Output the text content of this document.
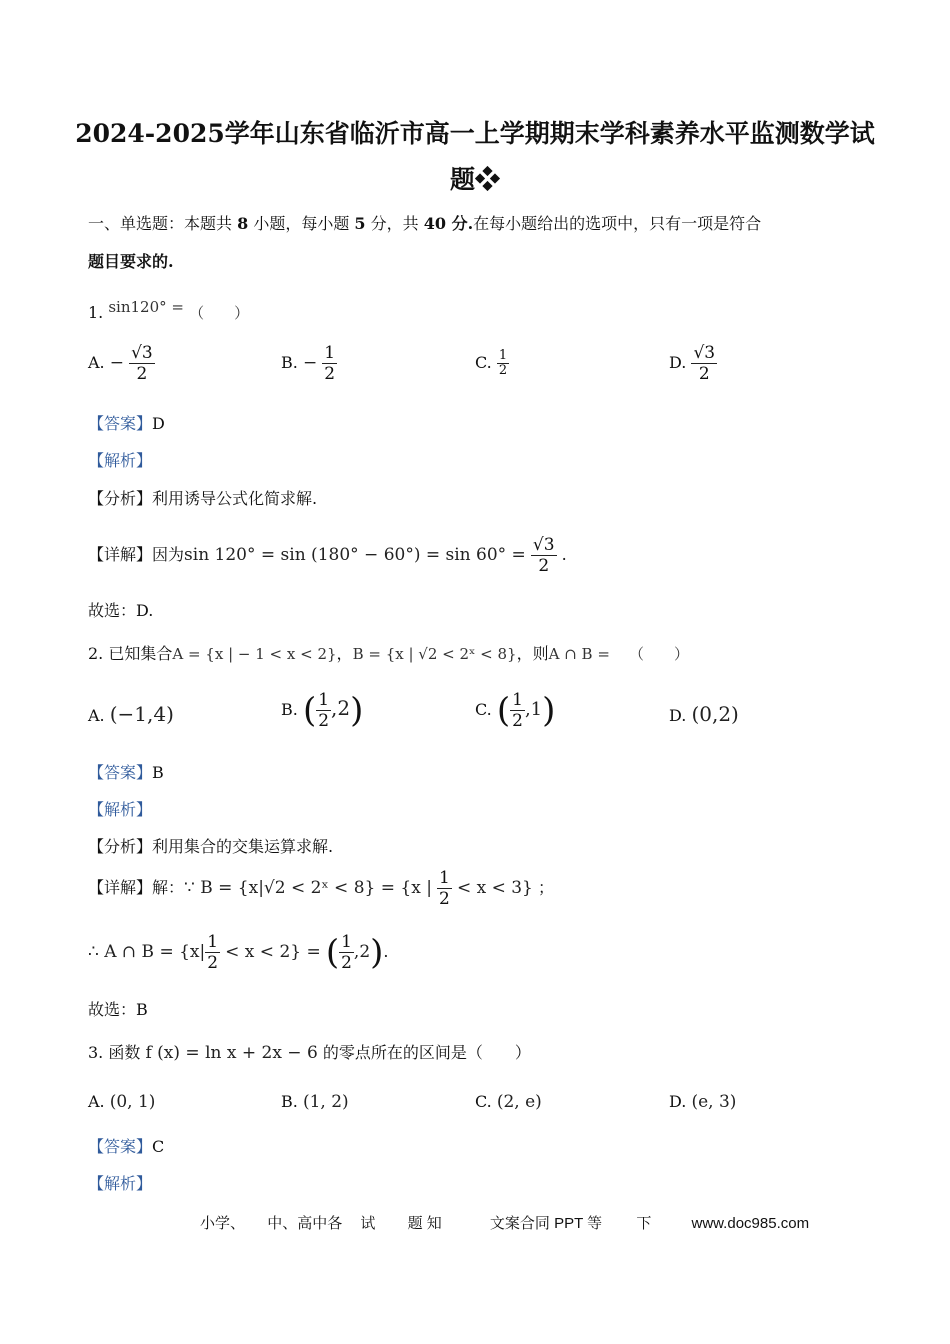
2024-2025学年山东省临沂市高一上学期期末学科素养水平监测数学试
题❖
一、单选题：本题共 8 小题，每小题 5 分，共 40 分.在每小题给出的选项中，只有一项是符合
题目要求的.
1. sin120° = （　　）
A. − $\frac{√3}{2}$	B. − $\frac{1}{2}$	C. $\frac{1}{2}$	D. $\frac{√3}{2}$
【答案】D
【解析】
【分析】利用诱导公式化简求解.
【详解】因为$\sin 120^\circ = \sin (180^\circ - 60^\circ) = \sin 60^\circ = \frac{√3}{2}$ .
故选：D.
2. 已知集合A = {x | − 1 < x < 2}，B = {x | √2 < 2ˣ < 8}，则A ∩ B = （　　）
A. (−1,4)	B. ( $\frac{1}{2} ,2$)	C. ( $\frac{1}{2} ,1$)	D. (0,2)
【答案】B
【解析】
【分析】利用集合的交集运算求解.
【详解】解：∵ B = {x|√2 < 2ˣ < 8} = {x | $\frac{1}{2} < x < 3$} ；
∴ A ∩ $B = \{x| \frac{1}{2} < x < 2\}$ = ( $\frac{1}{2} ,2$).
故选：B
3. 函数 f (x) = ln x + 2x − 6 的零点所在的区间是（　　）
A. (0, 1)	B. (1, 2)	C. (2, e)	D. (e, 3)
【答案】C
【解析】
小学、 中、高中各 试 题 知	文案合同 PPT 等 下	www.doc985.com
